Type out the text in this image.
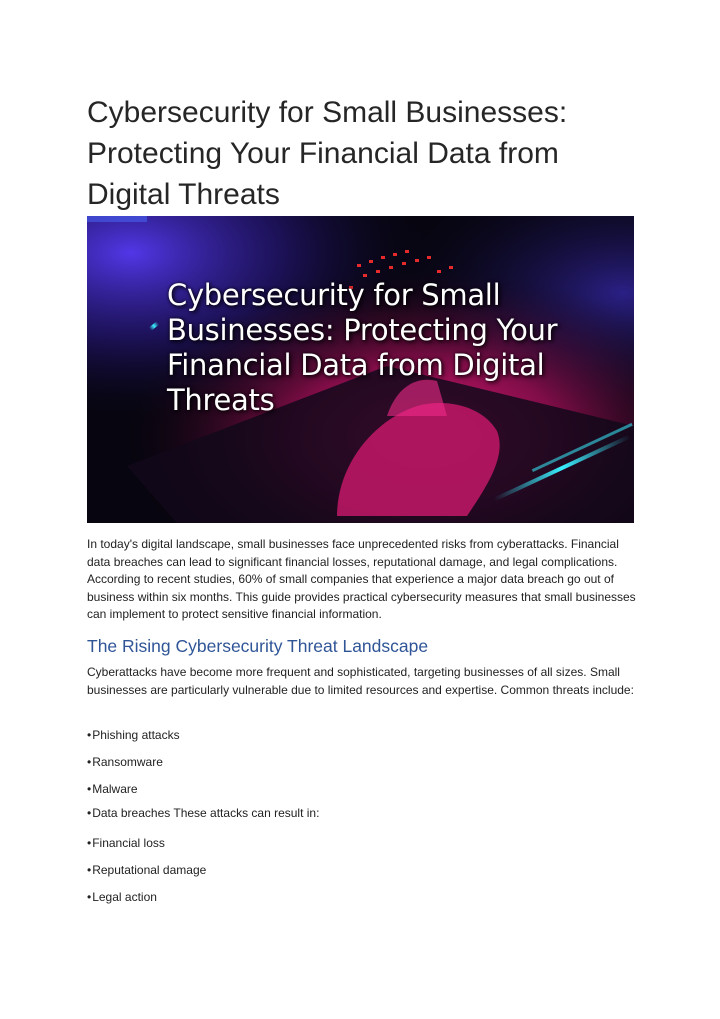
Cybersecurity for Small Businesses: Protecting Your Financial Data from Digital Threats
Cybersecurity for Small Businesses: Protecting Your Financial Data from Digital Threats

In today's digital landscape, small businesses face unprecedented risks from cyberattacks. Financial data breaches can lead to significant financial losses, reputational damage, and legal complications. According to recent studies, 60% of small companies that experience a major data breach go out of business within six months. This guide provides practical cybersecurity measures that small businesses can implement to protect sensitive financial information.

The Rising Cybersecurity Threat Landscape

Cyberattacks have become more frequent and sophisticated, targeting businesses of all sizes. Small businesses are particularly vulnerable due to limited resources and expertise. Common threats include:

•Phishing attacks
•Ransomware
•Malware
•Data breaches These attacks can result in:
•Financial loss
•Reputational damage
•Legal action
